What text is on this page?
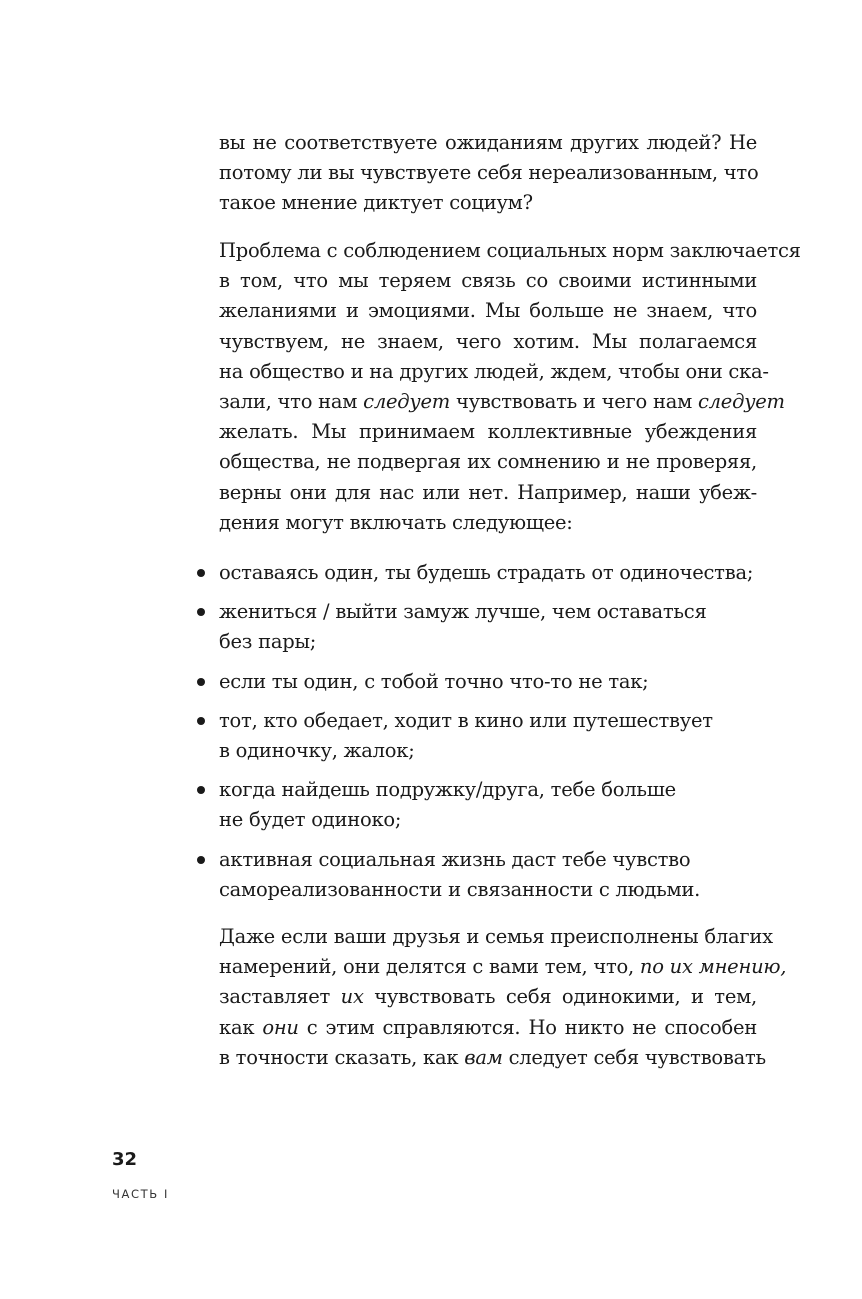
вы не соответствуете ожиданиям других людей? Не
потому ли вы чувствуете себя нереализованным, что
такое мнение диктует социум?
Проблема с соблюдением социальных норм заключается
в том, что мы теряем связь со своими истинными
желаниями и эмоциями. Мы больше не знаем, что
чувствуем, не знаем, чего хотим. Мы полагаемся
на общество и на других людей, ждем, чтобы они ска-
зали, что нам следует чувствовать и чего нам следует
желать. Мы принимаем коллективные убеждения
общества, не подвергая их сомнению и не проверяя,
верны они для нас или нет. Например, наши убеж-
дения могут включать следующее:
оставаясь один, ты будешь страдать от одиночества;
жениться / выйти замуж лучше, чем оставаться
без пары;
если ты один, с тобой точно что-то не так;
тот, кто обедает, ходит в кино или путешествует
в одиночку, жалок;
когда найдешь подружку/друга, тебе больше
не будет одиноко;
активная социальная жизнь даст тебе чувство
самореализованности и связанности с людьми.
Даже если ваши друзья и семья преисполнены благих
намерений, они делятся с вами тем, что, по их мнению,
заставляет их чувствовать себя одинокими, и тем,
как они с этим справляются. Но никто не способен
в точности сказать, как вам следует себя чувствовать
32
ЧАСТЬ I
